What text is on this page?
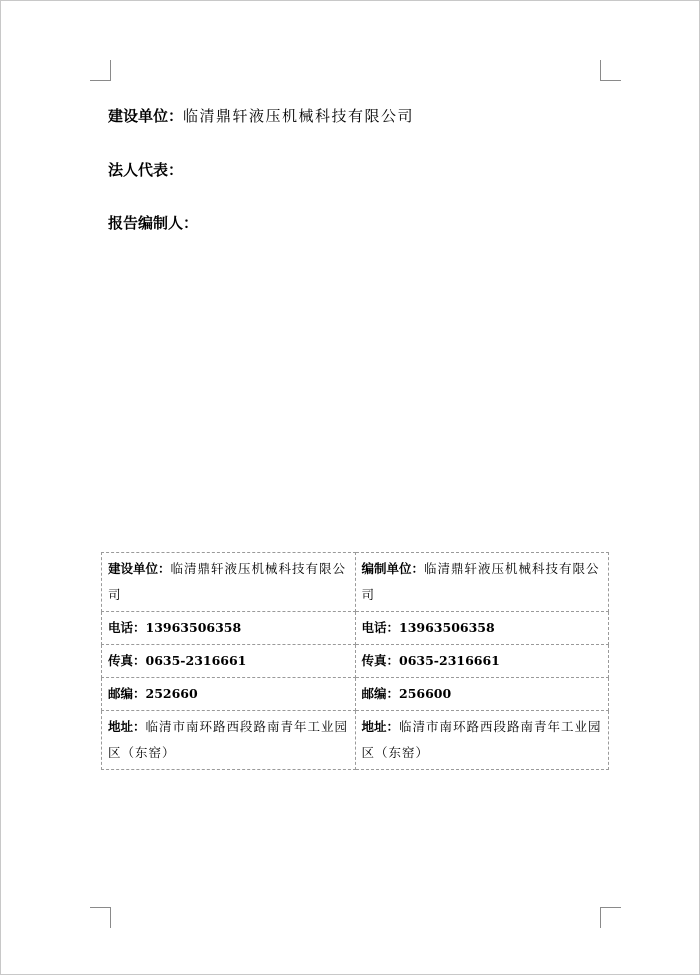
建设单位：临清鼎轩液压机械科技有限公司
法人代表：
报告编制人：
建设单位：临清鼎轩液压机械科技有限公司	编制单位：临清鼎轩液压机械科技有限公司
电话：13963506358	电话：13963506358
传真：0635-2316661	传真：0635-2316661
邮编：252660	邮编：256600
地址：临清市南环路西段路南青年工业园区（东窑）	地址：临清市南环路西段路南青年工业园区（东窑）
